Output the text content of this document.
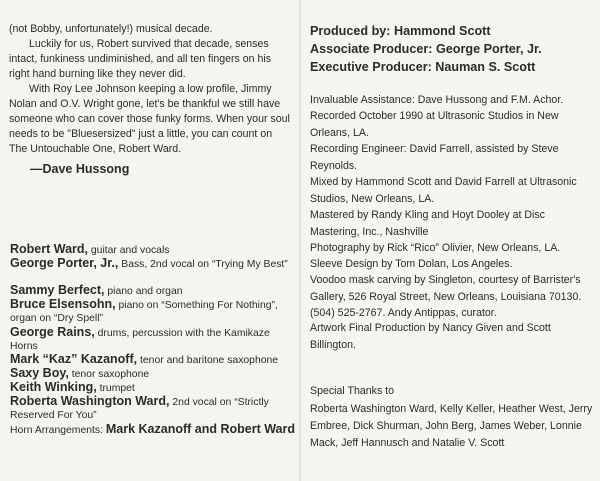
(not Bobby, unfortunately!) musical decade.
Luckily for us, Robert survived that decade, senses intact, funkiness undiminished, and all ten fingers on his right hand burning like they never did.
With Roy Lee Johnson keeping a low profile, Jimmy Nolan and O.V. Wright gone, let's be thankful we still have someone who can cover those funky forms. When your soul needs to be "Bluesersized" just a little, you can count on The Untouchable One, Robert Ward.
—Dave Hussong
Robert Ward, guitar and vocals
George Porter, Jr., Bass, 2nd vocal on “Trying My Best”
Sammy Berfect, piano and organ
Bruce Elsensohn, piano on “Something For Nothing”, organ on “Dry Spell”
George Rains, drums, percussion with the Kamikaze Horns
Mark “Kaz” Kazanoff, tenor and baritone saxophone
Saxy Boy, tenor saxophone
Keith Winking, trumpet
Roberta Washington Ward, 2nd vocal on “Strictly Reserved For You”
Horn Arrangements: Mark Kazanoff and Robert Ward
Produced by: Hammond Scott
Associate Producer: George Porter, Jr.
Executive Producer: Nauman S. Scott
Invaluable Assistance: Dave Hussong and F.M. Achor.
Recorded October 1990 at Ultrasonic Studios in New Orleans, LA.
Recording Engineer: David Farrell, assisted by Steve Reynolds.
Mixed by Hammond Scott and David Farrell at Ultrasonic Studios, New Orleans, LA.
Mastered by Randy Kling and Hoyt Dooley at Disc Mastering, Inc., Nashville
Photography by Rick “Rico” Olivier, New Orleans, LA.
Sleeve Design by Tom Dolan, Los Angeles.
Voodoo mask carving by Singleton, courtesy of Barrister's Gallery, 526 Royal Street, New Orleans, Louisiana 70130. (504) 525-2767. Andy Antippas, curator.
Artwork Final Production by Nancy Given and Scott Billington.
Special Thanks to
Roberta Washington Ward, Kelly Keller, Heather West, Jerry Embree, Dick Shurman, John Berg, James Weber, Lonnie Mack, Jeff Hannusch and Natalie V. Scott
